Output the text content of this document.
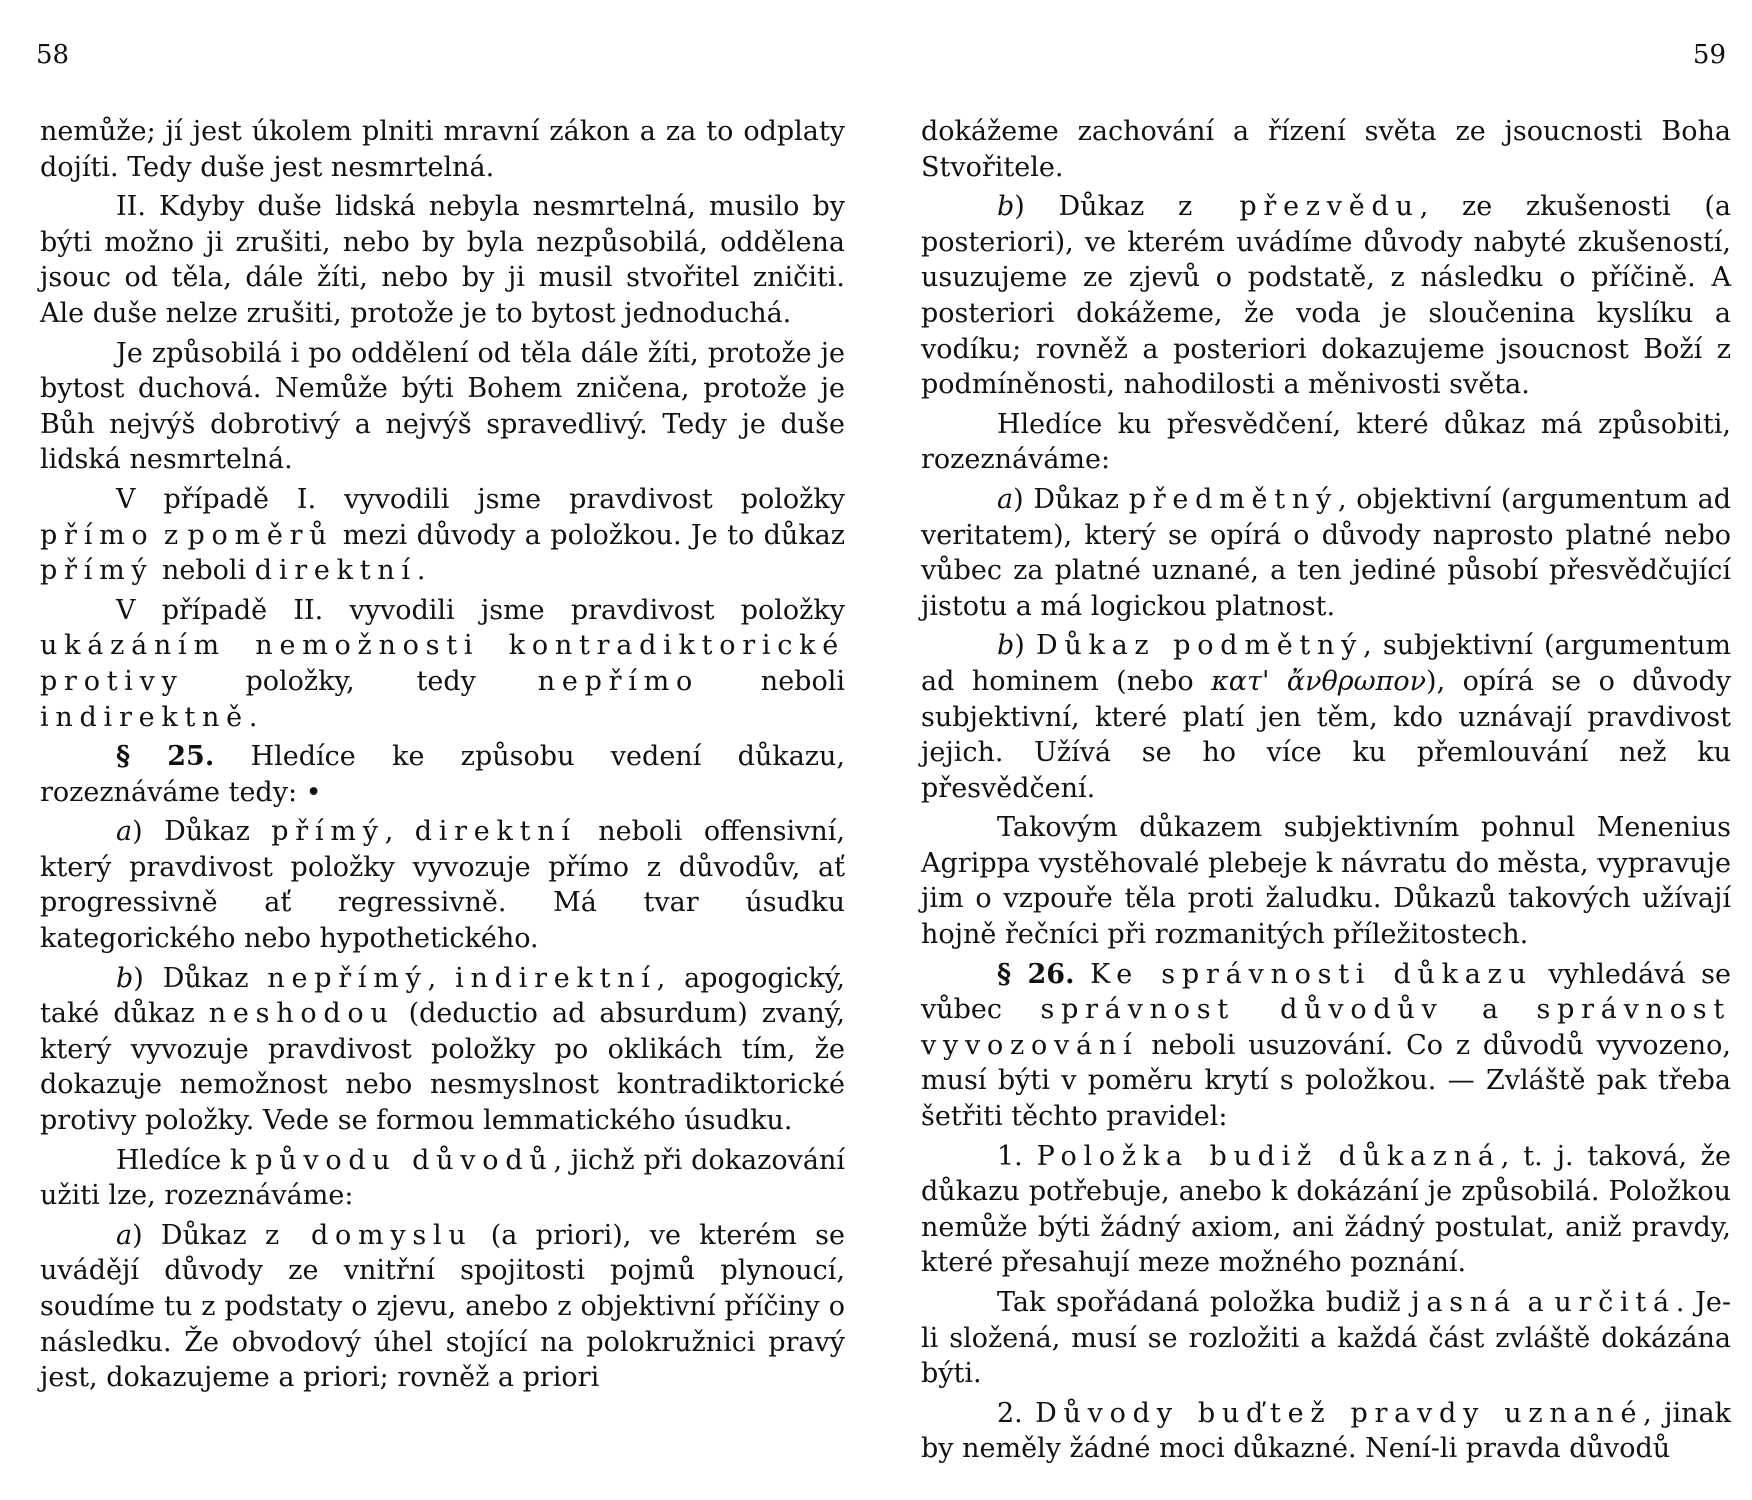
58	59

nemůže; jí jest úkolem plniti mravní zákon a za to odplaty dojíti. Tedy duše jest nesmrtelná.

II. Kdyby duše lidská nebyla nesmrtelná, musilo by býti možno ji zrušiti, nebo by byla nezpůsobilá, oddělena jsouc od těla, dále žíti, nebo by ji musil stvořitel zničiti. Ale duše nelze zrušiti, protože je to bytost jednoduchá.

Je způsobilá i po oddělení od těla dále žíti, protože je bytost duchová. Nemůže býti Bohem zničena, protože je Bůh nejvýš dobrotivý a nejvýš spravedlivý. Tedy je duše lidská nesmrtelná.

V případě I. vyvodili jsme pravdivost položky přímo z poměrů mezi důvody a položkou. Je to důkaz přímý neboli direktní.

V případě II. vyvodili jsme pravdivost položky ukázáním nemožnosti kontradiktorické protivy položky, tedy nepřímo neboli indirektně.

§ 25. Hledíce ke způsobu vedení důkazu, rozeznáváme tedy: •

a) Důkaz přímý, direktní neboli offensivní, který pravdivost položky vyvozuje přímo z důvodův, ať progressivně ať regressivně. Má tvar úsudku kategorického nebo hypothetického.

b) Důkaz nepřímý, indirektní, apogogický, také důkaz neshodou (deductio ad absurdum) zvaný, který vyvozuje pravdivost položky po oklikách tím, že dokazuje nemožnost nebo nesmyslnost kontradiktorické protivy položky. Vede se formou lemmatického úsudku.

Hledíce k původu důvodů, jichž při dokazování užiti lze, rozeznáváme:

a) Důkaz z domyslu (a priori), ve kterém se uvádějí důvody ze vnitřní spojitosti pojmů plynoucí, soudíme tu z podstaty o zjevu, anebo z objektivní příčiny o následku. Že obvodový úhel stojící na polokružnici pravý jest, dokazujeme a priori; rovněž a priori

dokážeme zachování a řízení světa ze jsoucnosti Boha Stvořitele.

b) Důkaz z přezvědu, ze zkušenosti (a posteriori), ve kterém uvádíme důvody nabyté zkušeností, usuzujeme ze zjevů o podstatě, z následku o příčině. A posteriori dokážeme, že voda je sloučenina kyslíku a vodíku; rovněž a posteriori dokazujeme jsoucnost Boží z podmíněnosti, nahodilosti a měnivosti světa.

Hledíce ku přesvědčení, které důkaz má způsobiti, rozeznáváme:

a) Důkaz předmětný, objektivní (argumentum ad veritatem), který se opírá o důvody naprosto platné nebo vůbec za platné uznané, a ten jediné působí přesvědčující jistotu a má logickou platnost.

b) Důkaz podmětný, subjektivní (argumentum ad hominem (nebo κατ' ἄνθρωπον), opírá se o důvody subjektivní, které platí jen těm, kdo uznávají pravdivost jejich. Užívá se ho více ku přemlouvání než ku přesvědčení.

Takovým důkazem subjektivním pohnul Menenius Agrippa vystěhovalé plebeje k návratu do města, vypravuje jim o vzpouře těla proti žaludku. Důkazů takových užívají hojně řečníci při rozmanitých příležitostech.

§ 26. Ke správnosti důkazu vyhledává se vůbec správnost důvodův a správnost vyvozování neboli usuzování. Co z důvodů vyvozeno, musí býti v poměru krytí s položkou. — Zvláště pak třeba šetřiti těchto pravidel:

1. Položka budiž důkazná, t. j. taková, že důkazu potřebuje, anebo k dokázání je způsobilá. Položkou nemůže býti žádný axiom, ani žádný postulat, aniž pravdy, které přesahují meze možného poznání.

Tak spořádaná položka budiž jasná a určitá. Je-li složená, musí se rozložiti a každá část zvláště dokázána býti.

2. Důvody buďtež pravdy uznané, jinak by neměly žádné moci důkazné. Není-li pravda důvodů
